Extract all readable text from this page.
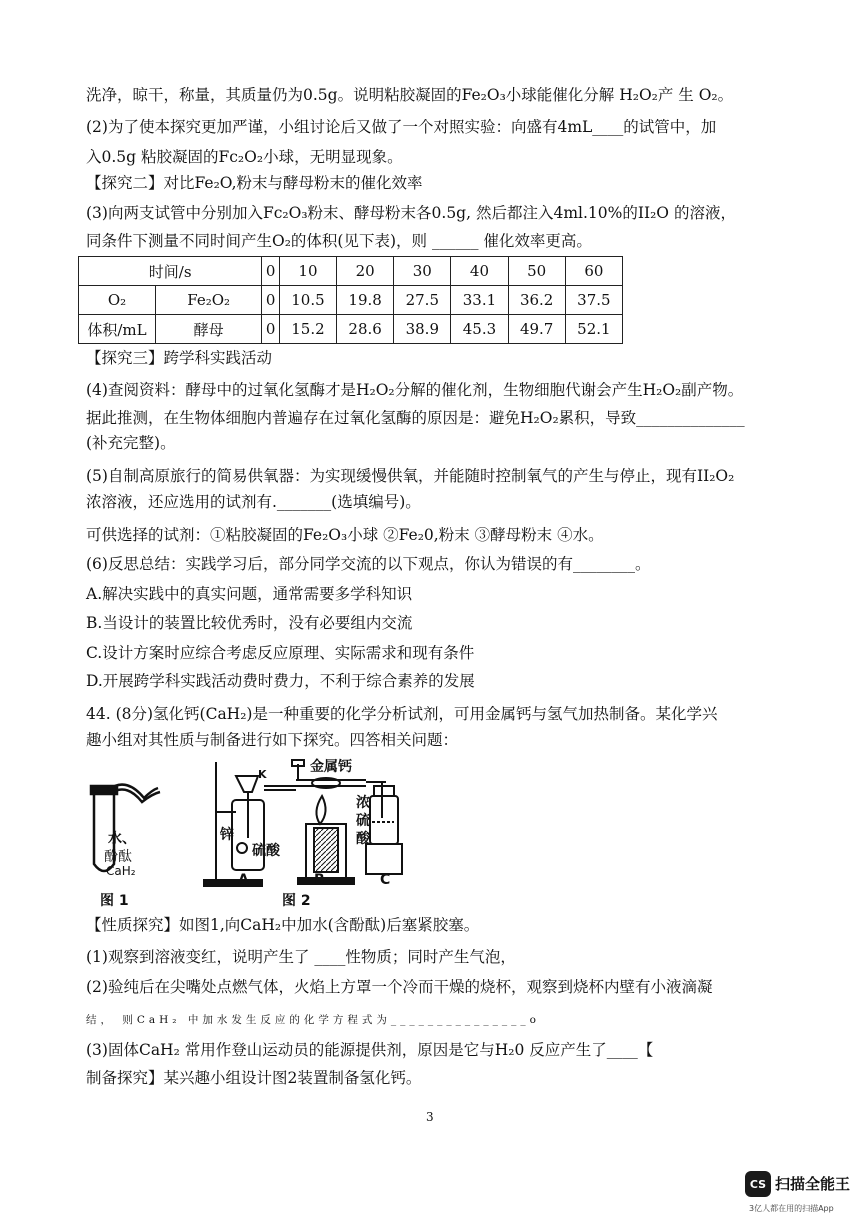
洗净，晾干，称量，其质量仍为0.5g。说明粘胶凝固的Fe₂O₃小球能催化分解 H₂O₂产 生 O₂。
(2)为了使本探究更加严谨，小组讨论后又做了一个对照实验：向盛有4mL____的试管中，加
入0.5g 粘胶凝固的Fc₂O₂小球，无明显现象。
【探究二】对比Fe₂O,粉末与酵母粉末的催化效率
(3)向两支试管中分别加入Fc₂O₃粉末、酵母粉末各0.5g, 然后都注入4ml.10%的II₂O 的溶液，
同条件下测量不同时间产生O₂的体积(见下表)，则 ______ 催化效率更高。
时间/s		0	10	20	30	40	50	60
O₂	Fe₂O₂	0	10.5	19.8	27.5	33.1	36.2	37.5
体积/mL	酵母	0	15.2	28.6	38.9	45.3	49.7	52.1
【探究三】跨学科实践活动
(4)查阅资料：酵母中的过氧化氢酶才是H₂O₂分解的催化剂，生物细胞代谢会产生H₂O₂副产物。
据此推测，在生物体细胞内普遍存在过氧化氢酶的原因是：避免H₂O₂累积，导致______________
(补充完整)。
(5)自制高原旅行的简易供氧器：为实现缓慢供氧，并能随时控制氧气的产生与停止，现有II₂O₂
浓溶液，还应选用的试剂有._______(选填编号)。
可供选择的试剂：①粘胶凝固的Fe₂O₃小球 ②Fe₂0,粉末 ③酵母粉末 ④水。
(6)反思总结：实践学习后，部分同学交流的以下观点，你认为错误的有________。
A.解决实践中的真实问题，通常需要多学科知识
B.当设计的装置比较优秀时，没有必要组内交流
C.设计方案时应综合考虑反应原理、实际需求和现有条件
D.开展跨学科实践活动费时费力，不利于综合素养的发展
44. (8分)氢化钙(CaH₂)是一种重要的化学分析试剂，可用金属钙与氢气加热制备。某化学兴
趣小组对其性质与制备进行如下探究。四答相关问题：
水、
酚酞
CaH₂
锌
硫酸
K	金属钙
浓
硫
酸
A	B	C
图 1	图 2
【性质探究】如图1,向CaH₂中加水(含酚酞)后塞紧胶塞。
(1)观察到溶液变红，说明产生了 ____性物质；同时产生气泡，
(2)验纯后在尖嘴处点燃气体，火焰上方罩一个冷而干燥的烧杯，观察到烧杯内壁有小液滴凝
结， 则CaH₂ 中加水发生反应的化学方程式为_______________o
(3)固体CaH₂ 常用作登山运动员的能源提供剂，原因是它与H₂0 反应产生了____【
制备探究】某兴趣小组设计图2装置制备氢化钙。
3
CS 扫描全能王
3亿人都在用的扫描App
